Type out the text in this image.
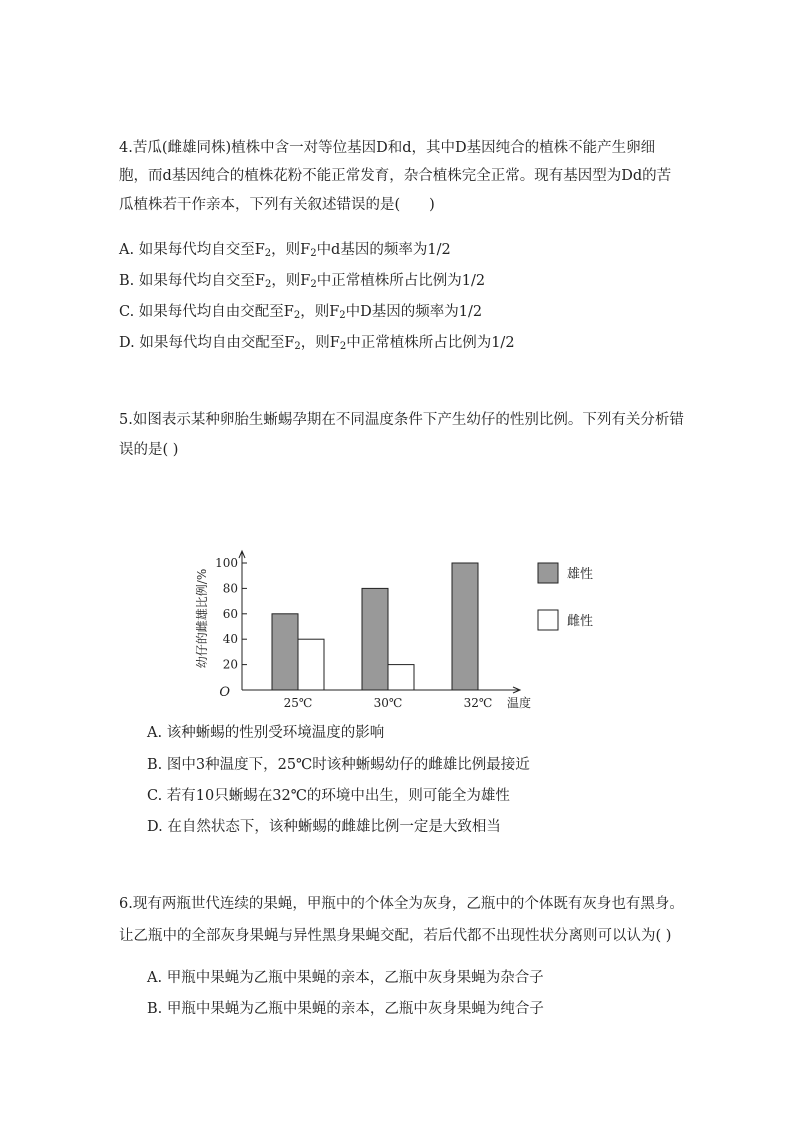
4.苦瓜(雌雄同株)植株中含一对等位基因D和d，其中D基因纯合的植株不能产生卵细
胞，而d基因纯合的植株花粉不能正常发育，杂合植株完全正常。现有基因型为Dd的苦
瓜植株若干作亲本，下列有关叙述错误的是(　　)
A. 如果每代均自交至$F_2$，则$F_2$中d基因的频率为1/2
B. 如果每代均自交至$F_2$，则$F_2$中正常植株所占比例为1/2
C. 如果每代均自由交配至$F_2$，则$F_2$中D基因的频率为1/2
D. 如果每代均自由交配至$F_2$，则$F_2$中正常植株所占比例为1/2
5.如图表示某种卵胎生蜥蜴孕期在不同温度条件下产生幼仔的性别比例。下列有关分析错
误的是( )
20
40
60
80
100
O
幼仔的雌雄比例/%
温度
25℃	30℃	32℃
雄性
雌性
A. 该种蜥蜴的性别受环境温度的影响
B. 图中3种温度下，25℃时该种蜥蜴幼仔的雌雄比例最接近
C. 若有10只蜥蜴在32℃的环境中出生，则可能全为雄性
D. 在自然状态下，该种蜥蜴的雌雄比例一定是大致相当
6.现有两瓶世代连续的果蝇，甲瓶中的个体全为灰身，乙瓶中的个体既有灰身也有黑身。
让乙瓶中的全部灰身果蝇与异性黑身果蝇交配，若后代都不出现性状分离则可以认为( )
A. 甲瓶中果蝇为乙瓶中果蝇的亲本，乙瓶中灰身果蝇为杂合子
B. 甲瓶中果蝇为乙瓶中果蝇的亲本，乙瓶中灰身果蝇为纯合子
